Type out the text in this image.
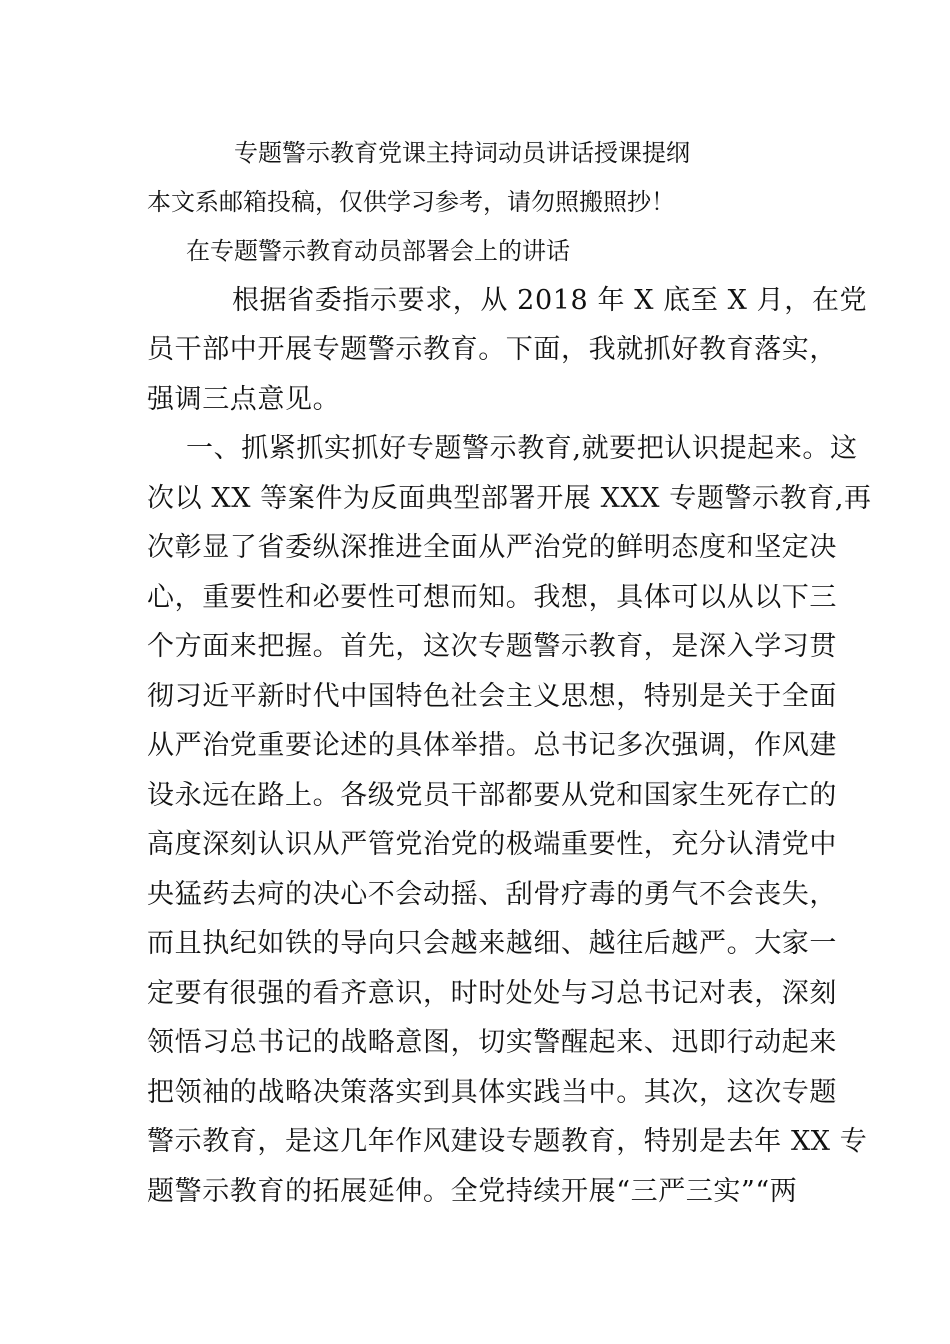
专题警示教育党课主持词动员讲话授课提纲
本文系邮箱投稿，仅供学习参考，请勿照搬照抄！
在专题警示教育动员部署会上的讲话
根据省委指示要求，从 2018 年 X 底至 X 月，在党
员干部中开展专题警示教育。下面，我就抓好教育落实，
强调三点意见。
一、抓紧抓实抓好专题警示教育,就要把认识提起来。这
次以 XX 等案件为反面典型部署开展 XXX 专题警示教育,再
次彰显了省委纵深推进全面从严治党的鲜明态度和坚定决
心，重要性和必要性可想而知。我想，具体可以从以下三
个方面来把握。首先，这次专题警示教育，是深入学习贯
彻习近平新时代中国特色社会主义思想，特别是关于全面
从严治党重要论述的具体举措。总书记多次强调，作风建
设永远在路上。各级党员干部都要从党和国家生死存亡的
高度深刻认识从严管党治党的极端重要性，充分认清党中
央猛药去疴的决心不会动摇、刮骨疗毒的勇气不会丧失，
而且执纪如铁的导向只会越来越细、越往后越严。大家一
定要有很强的看齐意识，时时处处与习总书记对表，深刻
领悟习总书记的战略意图，切实警醒起来、迅即行动起来
把领袖的战略决策落实到具体实践当中。其次，这次专题
警示教育，是这几年作风建设专题教育，特别是去年 XX 专
题警示教育的拓展延伸。全党持续开展“三严三实”“两
